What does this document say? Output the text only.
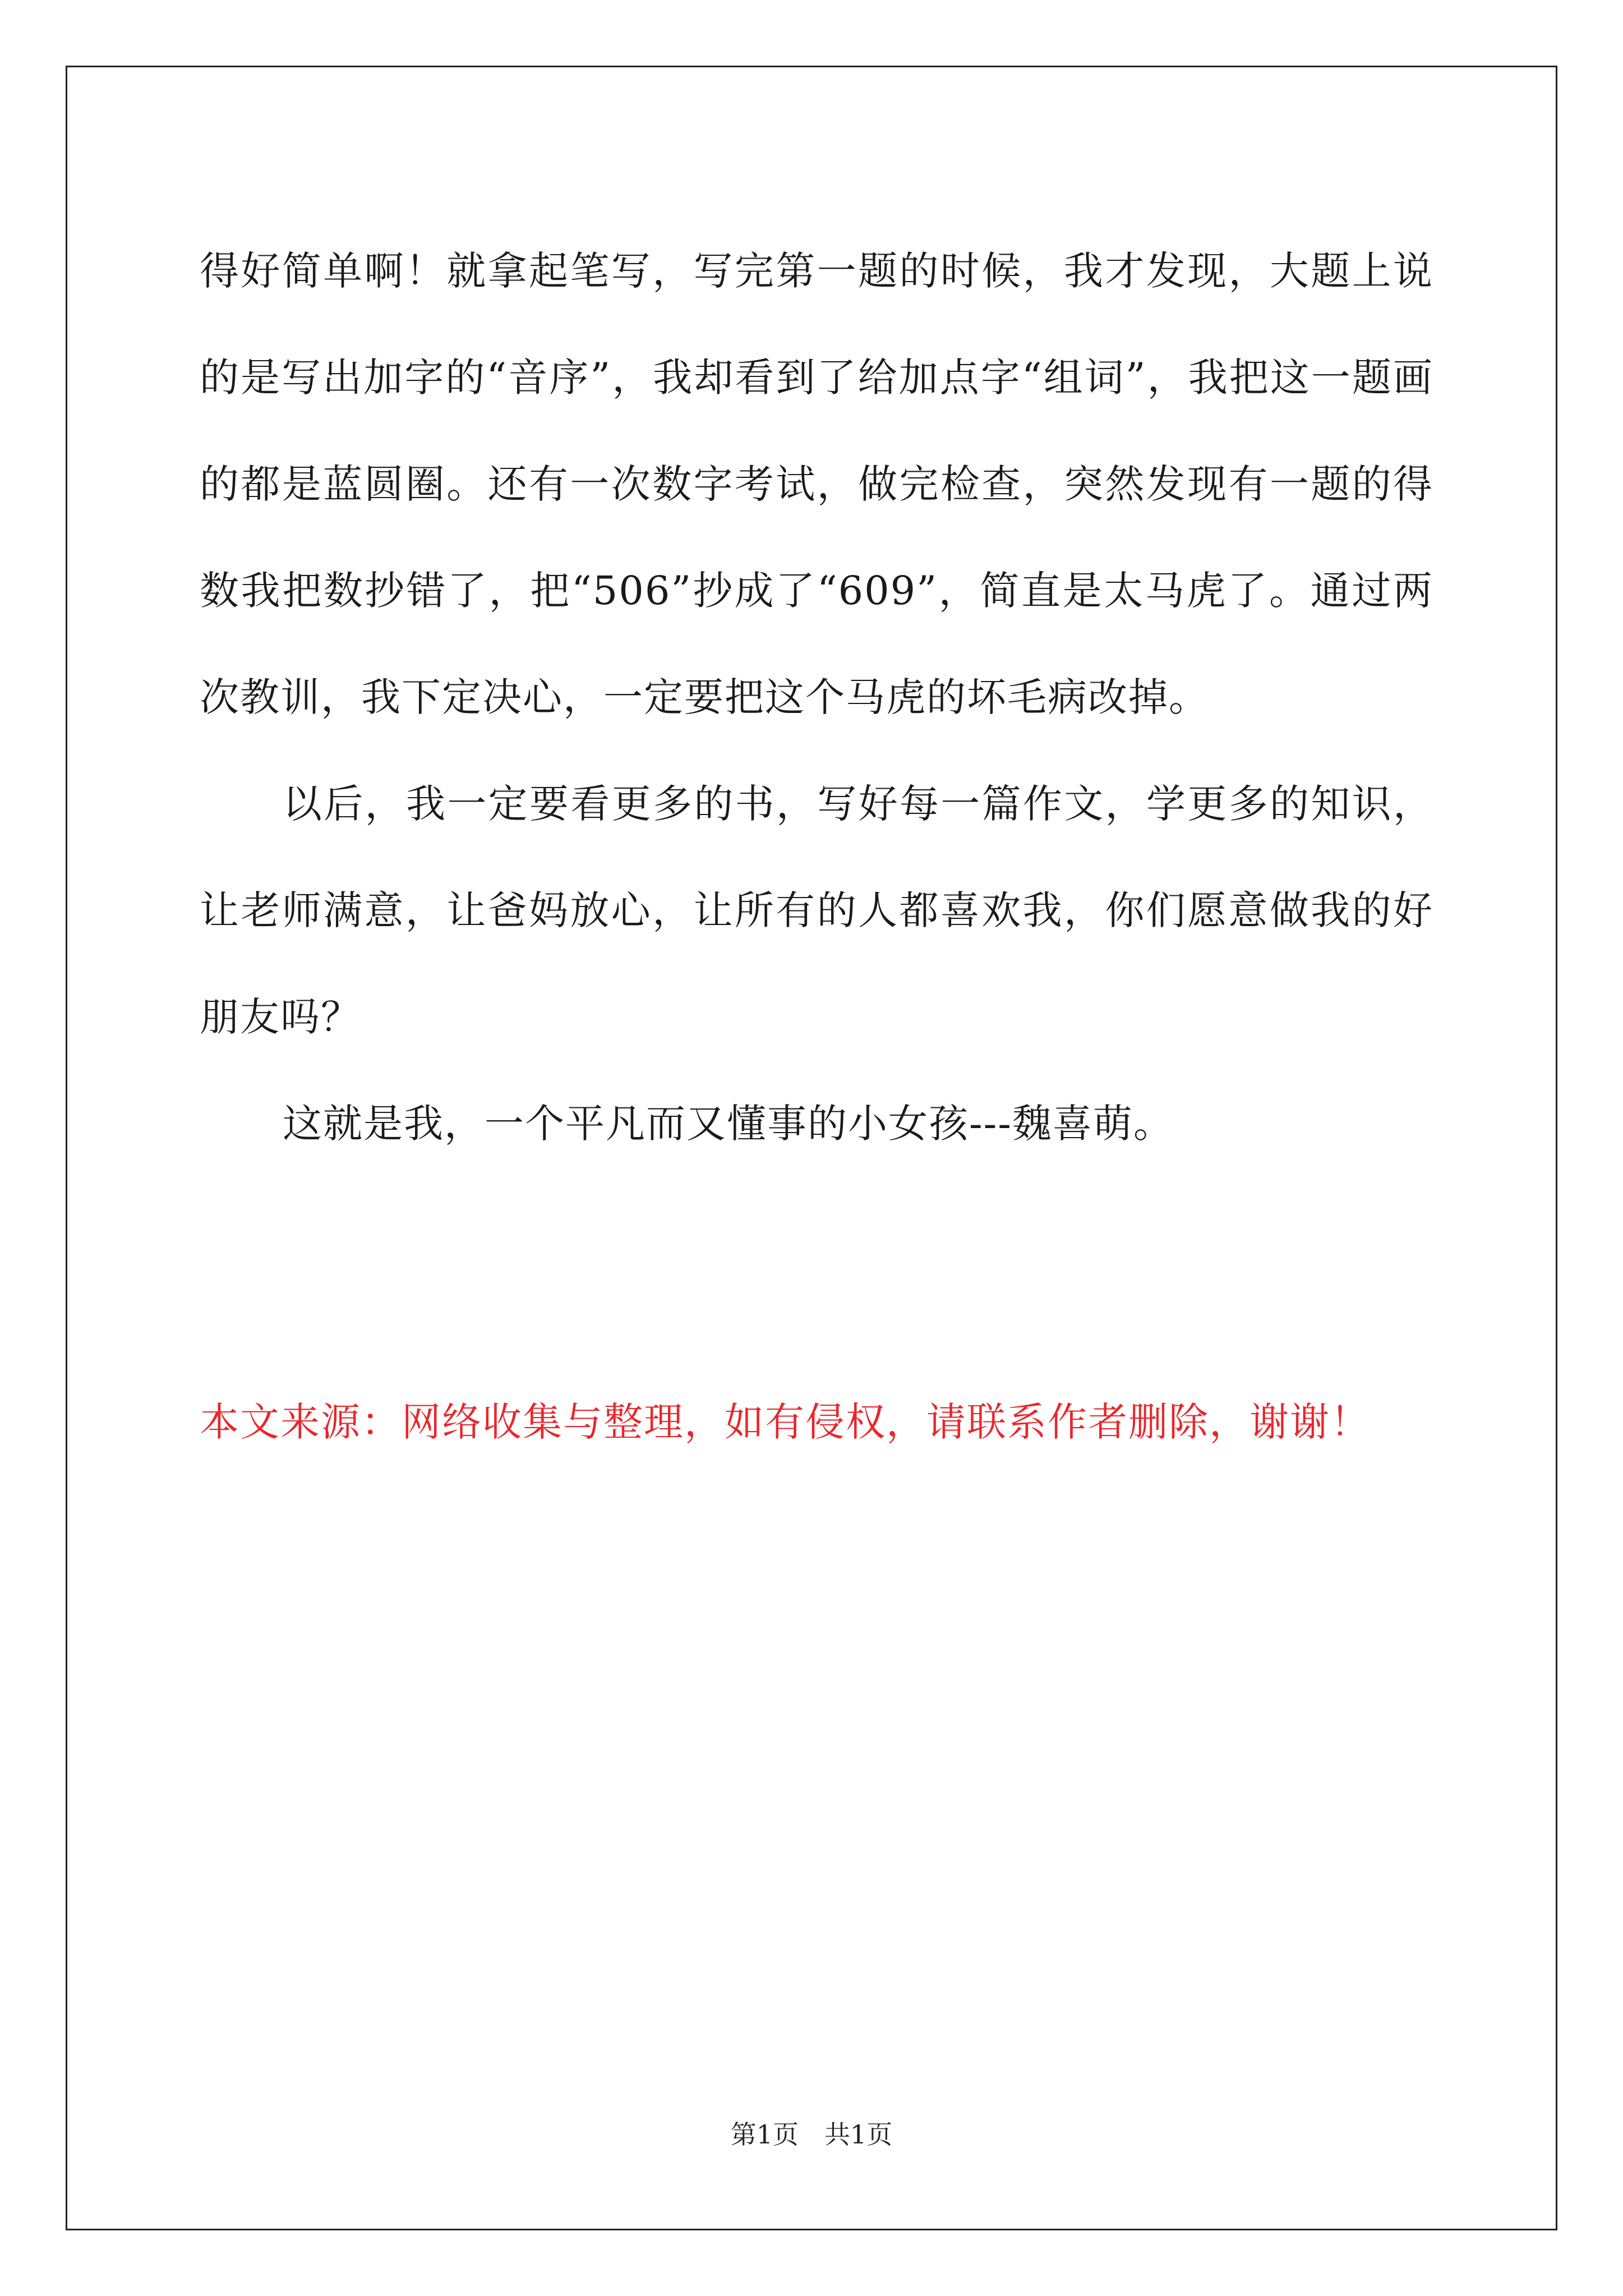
得好简单啊！就拿起笔写，写完第一题的时候，我才发现，大题上说的是写出加字的“音序”，我却看到了给加点字“组词”，我把这一题画的都是蓝圆圈。还有一次数字考试，做完检查，突然发现有一题的得数我把数抄错了，把“506”抄成了“609”，简直是太马虎了。通过两次教训，我下定决心，一定要把这个马虎的坏毛病改掉。

以后，我一定要看更多的书，写好每一篇作文，学更多的知识，让老师满意，让爸妈放心，让所有的人都喜欢我，你们愿意做我的好朋友吗？

这就是我，一个平凡而又懂事的小女孩---魏喜萌。

本文来源：网络收集与整理，如有侵权，请联系作者删除，谢谢！

第1页 共1页
